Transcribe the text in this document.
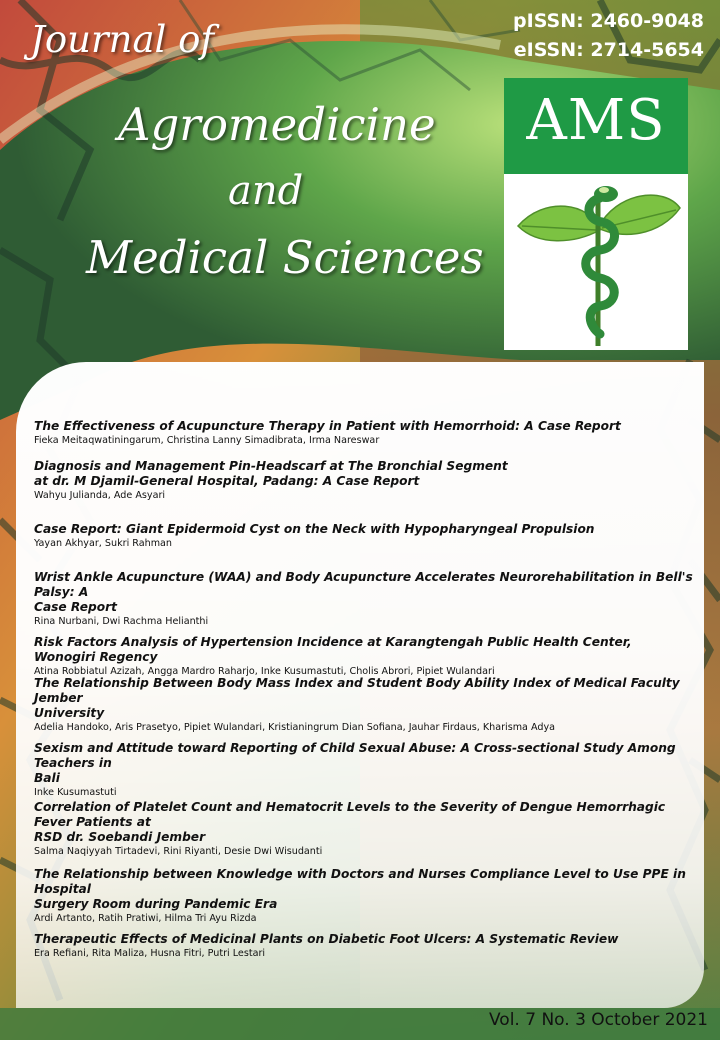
pISSN: 2460-9048
eISSN: 2714-5654
Journal of
Agromedicine
and
Medical Sciences
AMS
The Effectiveness of Acupuncture Therapy in Patient with Hemorrhoid: A Case Report
Fieka Meitaqwatiningarum, Christina Lanny Simadibrata, Irma Nareswar
Diagnosis and Management Pin-Headscarf at The Bronchial Segment
at dr. M Djamil-General Hospital, Padang: A Case Report
Wahyu Julianda, Ade Asyari
Case Report: Giant Epidermoid Cyst on the Neck with Hypopharyngeal Propulsion
Yayan Akhyar, Sukri Rahman
Wrist Ankle Acupuncture (WAA) and Body Acupuncture Accelerates Neurorehabilitation in Bell's Palsy: A
Case Report
Rina Nurbani, Dwi Rachma Helianthi
Risk Factors Analysis of Hypertension Incidence at Karangtengah Public Health Center, Wonogiri Regency
Atina Robbiatul Azizah, Angga Mardro Raharjo, Inke Kusumastuti, Cholis Abrori, Pipiet Wulandari
The Relationship Between Body Mass Index and Student Body Ability Index of Medical Faculty Jember
University
Adelia Handoko, Aris Prasetyo, Pipiet Wulandari, Kristianingrum Dian Sofiana, Jauhar Firdaus, Kharisma Adya
Sexism and Attitude toward Reporting of Child Sexual Abuse: A Cross-sectional Study Among Teachers in
Bali
Inke Kusumastuti
Correlation of Platelet Count and Hematocrit Levels to the Severity of Dengue Hemorrhagic Fever Patients at
RSD dr. Soebandi Jember
Salma Naqiyyah Tirtadevi, Rini Riyanti, Desie Dwi Wisudanti
The Relationship between Knowledge with Doctors and Nurses Compliance Level to Use PPE in Hospital
Surgery Room during Pandemic Era
Ardi Artanto, Ratih Pratiwi, Hilma Tri Ayu Rizda
Therapeutic Effects of Medicinal Plants on Diabetic Foot Ulcers: A Systematic Review
Era Refiani, Rita Maliza, Husna Fitri, Putri Lestari
Vol. 7 No. 3 October 2021
